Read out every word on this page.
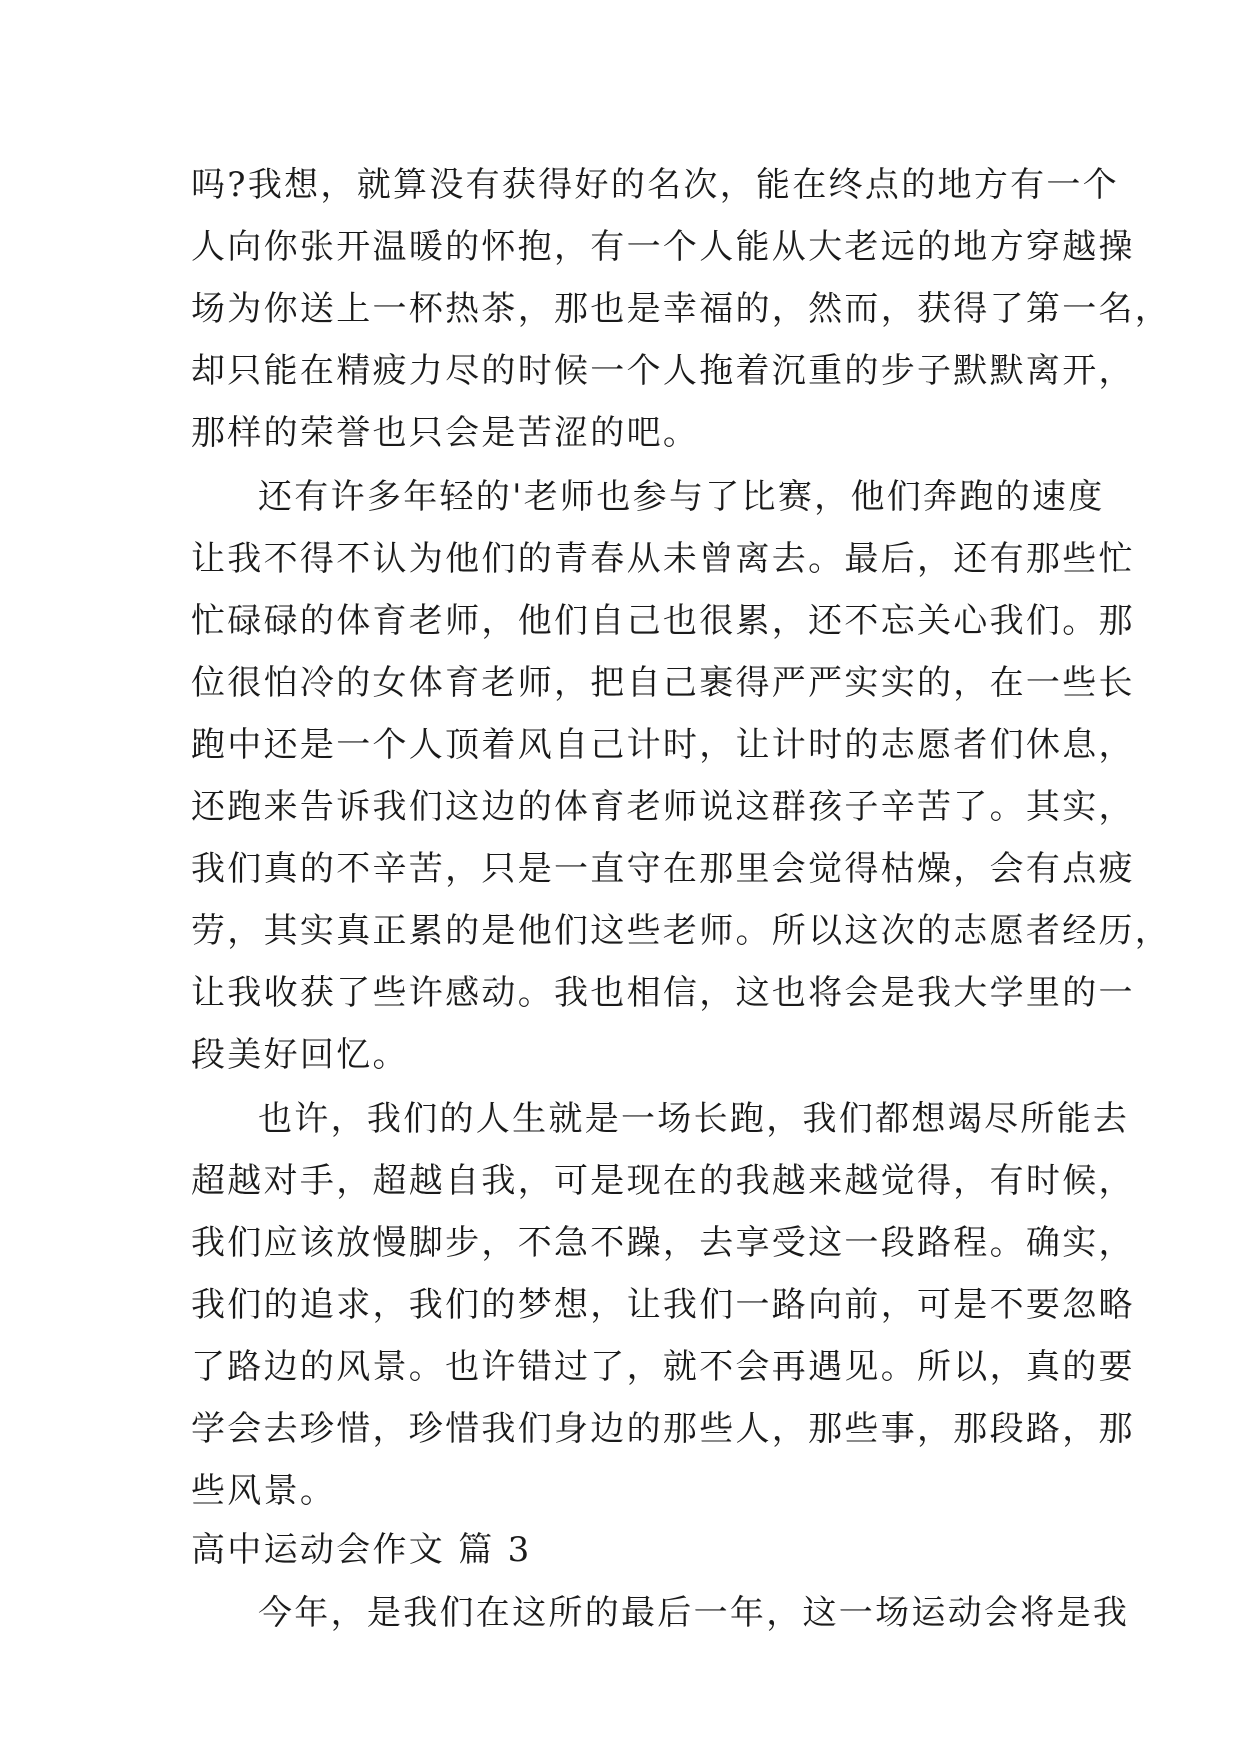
吗?我想，就算没有获得好的名次，能在终点的地方有一个
人向你张开温暖的怀抱，有一个人能从大老远的地方穿越操
场为你送上一杯热茶，那也是幸福的，然而，获得了第一名，
却只能在精疲力尽的时候一个人拖着沉重的步子默默离开，
那样的荣誉也只会是苦涩的吧。
还有许多年轻的'老师也参与了比赛，他们奔跑的速度
让我不得不认为他们的青春从未曾离去。最后，还有那些忙
忙碌碌的体育老师，他们自己也很累，还不忘关心我们。那
位很怕冷的女体育老师，把自己裹得严严实实的，在一些长
跑中还是一个人顶着风自己计时，让计时的志愿者们休息，
还跑来告诉我们这边的体育老师说这群孩子辛苦了。其实，
我们真的不辛苦，只是一直守在那里会觉得枯燥，会有点疲
劳，其实真正累的是他们这些老师。所以这次的志愿者经历，
让我收获了些许感动。我也相信，这也将会是我大学里的一
段美好回忆。
也许，我们的人生就是一场长跑，我们都想竭尽所能去
超越对手，超越自我，可是现在的我越来越觉得，有时候，
我们应该放慢脚步，不急不躁，去享受这一段路程。确实，
我们的追求，我们的梦想，让我们一路向前，可是不要忽略
了路边的风景。也许错过了，就不会再遇见。所以，真的要
学会去珍惜，珍惜我们身边的那些人，那些事，那段路，那
些风景。
高中运动会作文 篇 3
今年，是我们在这所的最后一年，这一场运动会将是我
